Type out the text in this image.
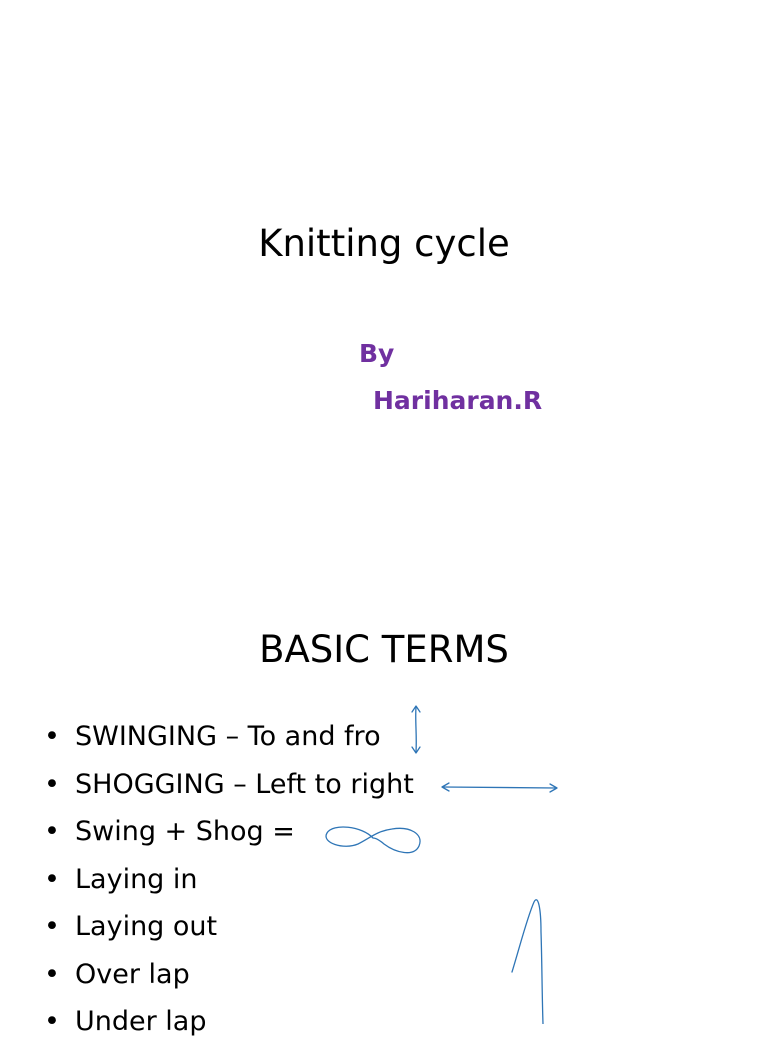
Knitting cycle
By
Hariharan.R
BASIC TERMS
• SWINGING – To and fro
• SHOGGING – Left to right
• Swing + Shog =
• Laying in
• Laying out
• Over lap
• Under lap
